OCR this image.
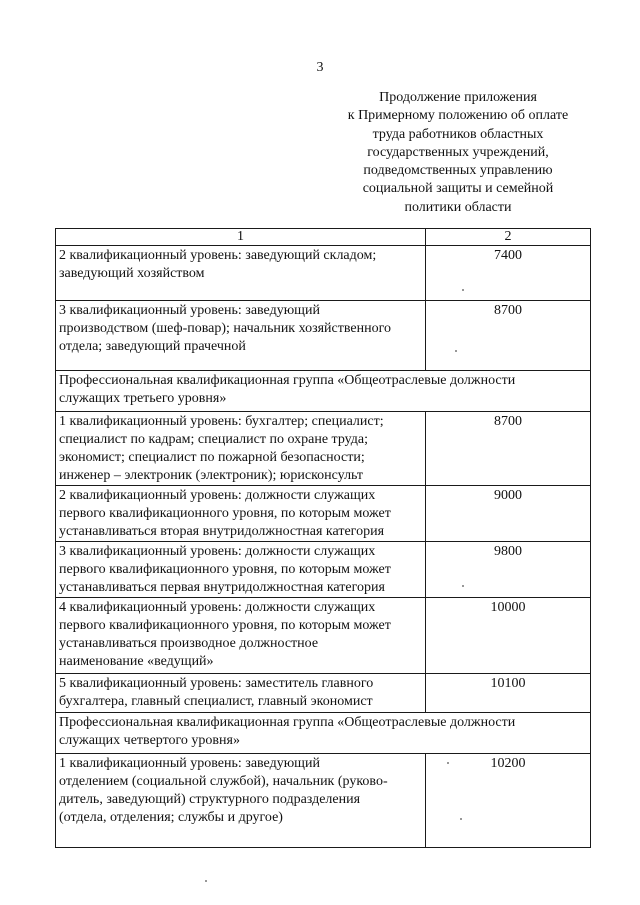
3
Продолжение приложения
к Примерному положению об оплате
труда работников областных
государственных учреждений,
подведомственных управлению
социальной защиты и семейной
политики области
1	2

2 квалификационный уровень: заведующий складом;
заведующий хозяйством	7400

3 квалификационный уровень: заведующий
производством (шеф-повар); начальник хозяйственного
отдела; заведующий прачечной	8700

Профессиональная квалификационная группа «Общеотраслевые должности
служащих третьего уровня»	

1 квалификационный уровень: бухгалтер; специалист;
специалист по кадрам; специалист по охране труда;
экономист; специалист по пожарной безопасности;
инженер – электроник (электроник); юрисконсульт	8700

2 квалификационный уровень: должности служащих
первого квалификационного уровня, по которым может
устанавливаться вторая внутридолжностная категория	9000

3 квалификационный уровень: должности служащих
первого квалификационного уровня, по которым может
устанавливаться первая внутридолжностная категория	9800

4 квалификационный уровень: должности служащих
первого квалификационного уровня, по которым может
устанавливаться производное должностное
наименование «ведущий»	10000

5 квалификационный уровень: заместитель главного
бухгалтера, главный специалист, главный экономист	10100

Профессиональная квалификационная группа «Общеотраслевые должности
служащих четвертого уровня»	

1 квалификационный уровень: заведующий
отделением (социальной службой), начальник (руково-
дитель, заведующий) структурного подразделения
(отдела, отделения; службы и другое)	10200
